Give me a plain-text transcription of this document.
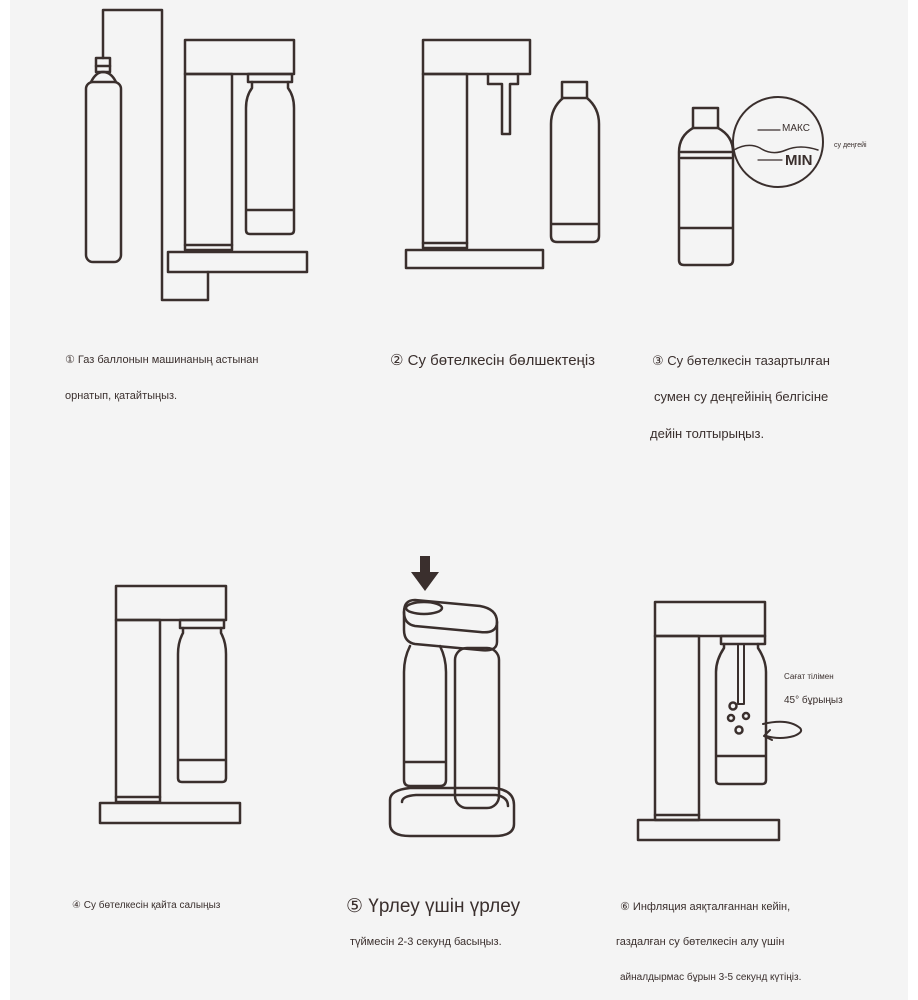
① Газ баллонын машинаның астынан
орнатып, қатайтыңыз.
② Су бөтелкесін бөлшектеңіз	③ Су бөтелкесін тазартылған
сумен су деңгейінің белгісіне
дейін толтырыңыз.
МАКС
MIN
су деңгейі
④ Су бөтелкесін қайта салыңыз	⑤ Үрлеу үшін үрлеу
түймесін 2-3 секунд басыңыз.
⑥ Инфляция аяқталғаннан кейін,
газдалған су бөтелкесін алу үшін
айналдырмас бұрын 3-5 секунд күтіңіз.
Сағат тілімен
45° бұрыңыз
